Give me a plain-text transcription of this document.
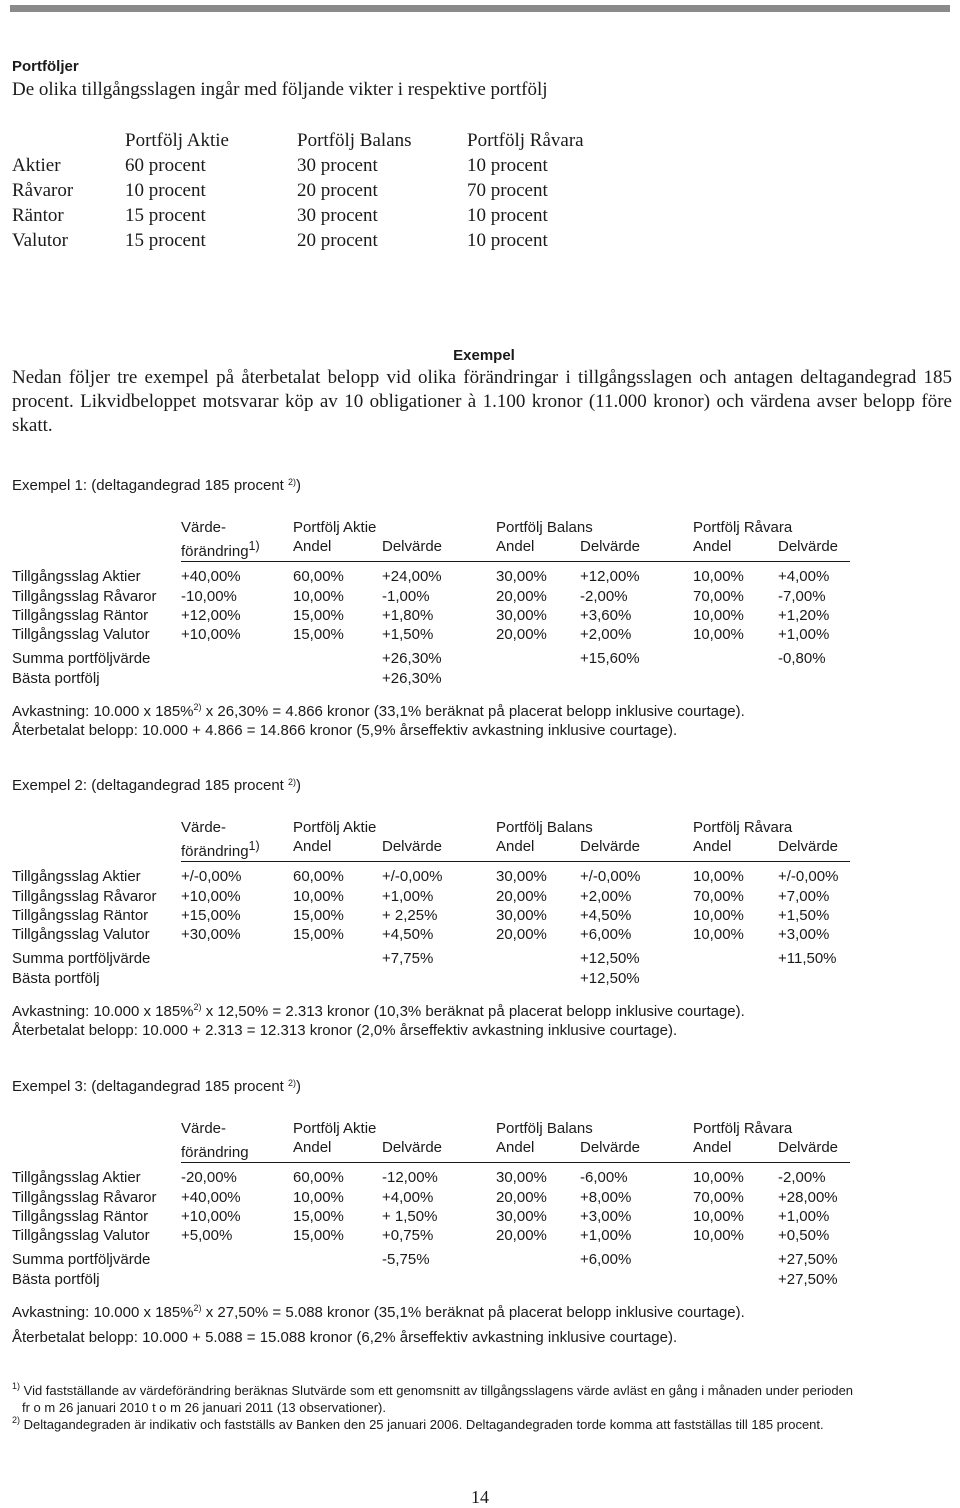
Portföljer
De olika tillgångsslagen ingår med följande vikter i respektive portfölj
	Portfölj Aktie	Portfölj Balans	Portfölj Råvara
Aktier	60 procent	30 procent	10 procent
Råvaror	10 procent	20 procent	70 procent
Räntor	15 procent	30 procent	10 procent
Valutor	15 procent	20 procent	10 procent
Exempel
Nedan följer tre exempel på återbetalat belopp vid olika förändringar i tillgångsslagen och antagen deltagandegrad 185 procent. Likvidbeloppet motsvarar köp av 10 obligationer à 1.100 kronor (11.000 kronor) och värdena avser belopp före skatt.
Exempel 1: (deltagandegrad 185 procent $^{2)}$)
	Värde-	Portfölj Aktie		Portfölj Balans		Portfölj Råvara	
	förändring$^{1)}$	Andel	Delvärde	Andel	Delvärde	Andel	Delvärde

Tillgångsslag Aktier	+40,00%	60,00%	+24,00%	30,00%	+12,00%	10,00%	+4,00%
Tillgångsslag Råvaror	-10,00%	10,00%	-1,00%	20,00%	-2,00%	70,00%	-7,00%
Tillgångsslag Räntor	+12,00%	15,00%	+1,80%	30,00%	+3,60%	10,00%	+1,20%
Tillgångsslag Valutor	+10,00%	15,00%	+1,50%	20,00%	+2,00%	10,00%	+1,00%

Summa portföljvärde			+26,30%		+15,60%		-0,80%
Bästa portfölj			+26,30%				
Avkastning: 10.000 x 185%$^{2)}$ x 26,30% = 4.866 kronor (33,1% beräknat på placerat belopp inklusive courtage).
Återbetalat belopp: 10.000 + 4.866 = 14.866 kronor (5,9% årseffektiv avkastning inklusive courtage).
Exempel 2: (deltagandegrad 185 procent $^{2)}$)
	Värde-	Portfölj Aktie		Portfölj Balans		Portfölj Råvara	
	förändring$^{1)}$	Andel	Delvärde	Andel	Delvärde	Andel	Delvärde

Tillgångsslag Aktier	+/-0,00%	60,00%	+/-0,00%	30,00%	+/-0,00%	10,00%	+/-0,00%
Tillgångsslag Råvaror	+10,00%	10,00%	+1,00%	20,00%	+2,00%	70,00%	+7,00%
Tillgångsslag Räntor	+15,00%	15,00%	+ 2,25%	30,00%	+4,50%	10,00%	+1,50%
Tillgångsslag Valutor	+30,00%	15,00%	+4,50%	20,00%	+6,00%	10,00%	+3,00%

Summa portföljvärde			+7,75%		+12,50%		+11,50%
Bästa portfölj					+12,50%		
Avkastning: 10.000 x 185%$^{2)}$ x 12,50% = 2.313 kronor (10,3% beräknat på placerat belopp inklusive courtage).
Återbetalat belopp: 10.000 + 2.313 = 12.313 kronor (2,0% årseffektiv avkastning inklusive courtage).
Exempel 3: (deltagandegrad 185 procent $^{2)}$)
	Värde-	Portfölj Aktie		Portfölj Balans		Portfölj Råvara	
	förändring	Andel	Delvärde	Andel	Delvärde	Andel	Delvärde

Tillgångsslag Aktier	-20,00%	60,00%	-12,00%	30,00%	-6,00%	10,00%	-2,00%
Tillgångsslag Råvaror	+40,00%	10,00%	+4,00%	20,00%	+8,00%	70,00%	+28,00%
Tillgångsslag Räntor	+10,00%	15,00%	+ 1,50%	30,00%	+3,00%	10,00%	+1,00%
Tillgångsslag Valutor	+5,00%	15,00%	+0,75%	20,00%	+1,00%	10,00%	+0,50%

Summa portföljvärde			-5,75%		+6,00%		+27,50%
Bästa portfölj							+27,50%
Avkastning: 10.000 x 185%$^{2)}$ x 27,50% = 5.088 kronor (35,1% beräknat på placerat belopp inklusive courtage).
Återbetalat belopp: 10.000 + 5.088 = 15.088 kronor (6,2% årseffektiv avkastning inklusive courtage).

$^{1)}$ Vid fastställande av värdeförändring beräknas Slutvärde som ett genomsnitt av tillgångsslagens värde avläst en gång i månaden under perioden

fr o m 26 januari 2010 t o m 26 januari 2011 (13 observationer).

$^{2)}$ Deltagandegraden är indikativ och fastställs av Banken den 25 januari 2006. Deltagandegraden torde komma att fastställas till 185 procent.

14
